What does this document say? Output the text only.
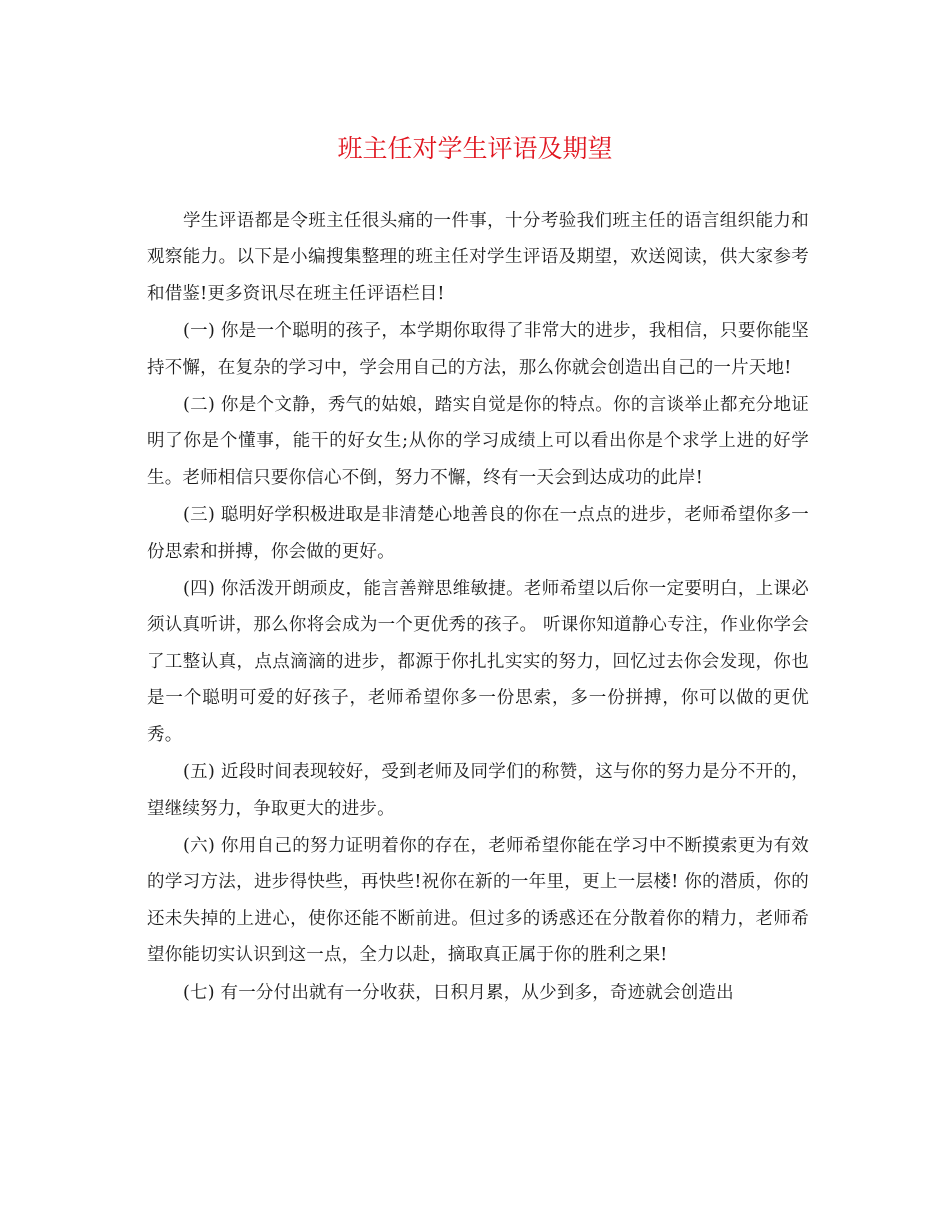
班主任对学生评语及期望

学生评语都是令班主任很头痛的一件事，十分考验我们班主任的语言组织能力和观察能力。以下是小编搜集整理的班主任对学生评语及期望，欢送阅读，供大家参考和借鉴!更多资讯尽在班主任评语栏目!

(一) 你是一个聪明的孩子，本学期你取得了非常大的进步，我相信，只要你能坚持不懈，在复杂的学习中，学会用自己的方法，那么你就会创造出自己的一片天地!

(二) 你是个文静，秀气的姑娘，踏实自觉是你的特点。你的言谈举止都充分地证明了你是个懂事，能干的好女生;从你的学习成绩上可以看出你是个求学上进的好学生。老师相信只要你信心不倒，努力不懈，终有一天会到达成功的此岸!

(三) 聪明好学积极进取是非清楚心地善良的你在一点点的进步，老师希望你多一份思索和拼搏，你会做的更好。

(四) 你活泼开朗顽皮，能言善辩思维敏捷。老师希望以后你一定要明白，上课必须认真听讲，那么你将会成为一个更优秀的孩子。 听课你知道静心专注，作业你学会了工整认真，点点滴滴的进步，都源于你扎扎实实的努力，回忆过去你会发现，你也是一个聪明可爱的好孩子，老师希望你多一份思索，多一份拼搏，你可以做的更优秀。

(五) 近段时间表现较好，受到老师及同学们的称赞，这与你的努力是分不开的，望继续努力，争取更大的进步。

(六) 你用自己的努力证明着你的存在，老师希望你能在学习中不断摸索更为有效的学习方法，进步得快些，再快些!祝你在新的一年里，更上一层楼! 你的潜质，你的还未失掉的上进心，使你还能不断前进。但过多的诱惑还在分散着你的精力，老师希望你能切实认识到这一点，全力以赴，摘取真正属于你的胜利之果!

(七) 有一分付出就有一分收获，日积月累，从少到多，奇迹就会创造出
